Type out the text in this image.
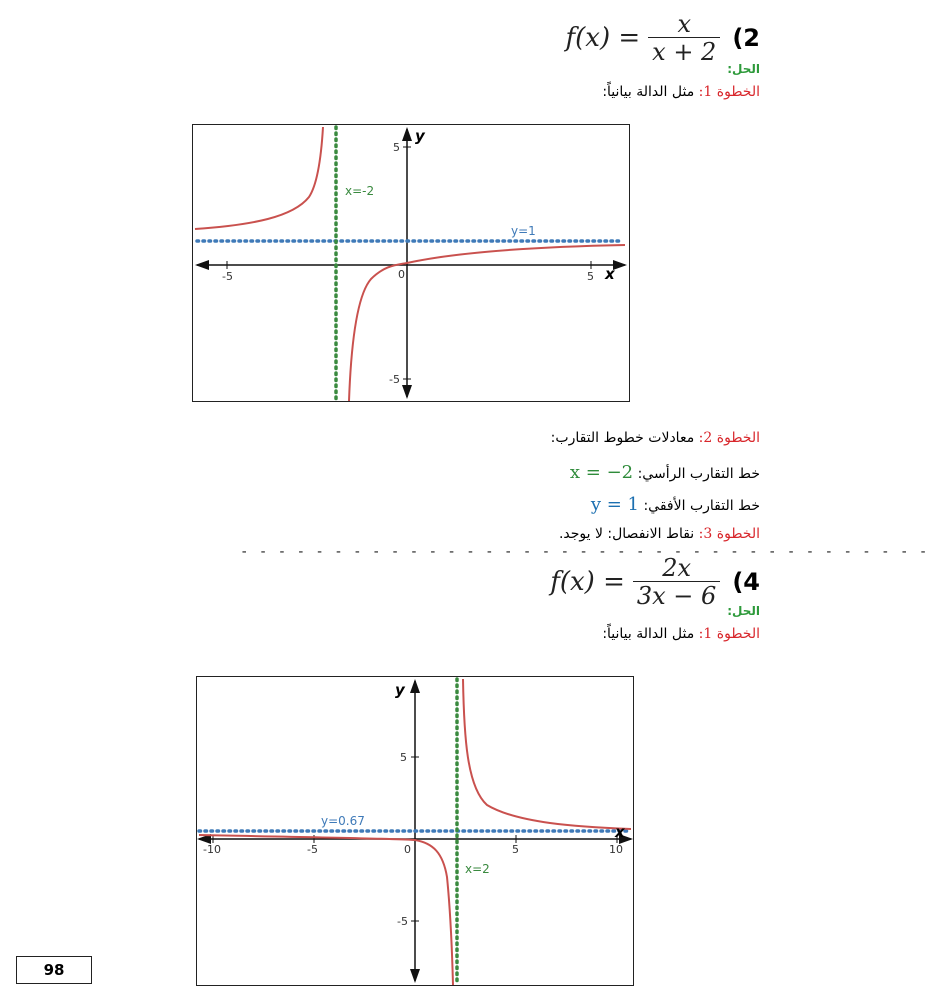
$f(x) = \frac{x}{x + 2} (2$
الحل:
الخطوة 1: مثل الدالة بيانياً:
y
x
5
-5
-5	5
0
x=-2
y=1
الخطوة 2: معادلات خطوط التقارب:
خط التقارب الرأسي: x = −2
خط التقارب الأفقي: y = 1
الخطوة 3: نقاط الانفصال: لا يوجد.
- - - - - - - - - - - - - - - - - - - - - - - - - - - - - - - - - - - - -
$f(x) = \frac{2x}{3x - 6} (4$
الحل:
الخطوة 1: مثل الدالة بيانياً:
y
x
5
-5
-10	-5	0	5	10
x=2
y=0.67
98
